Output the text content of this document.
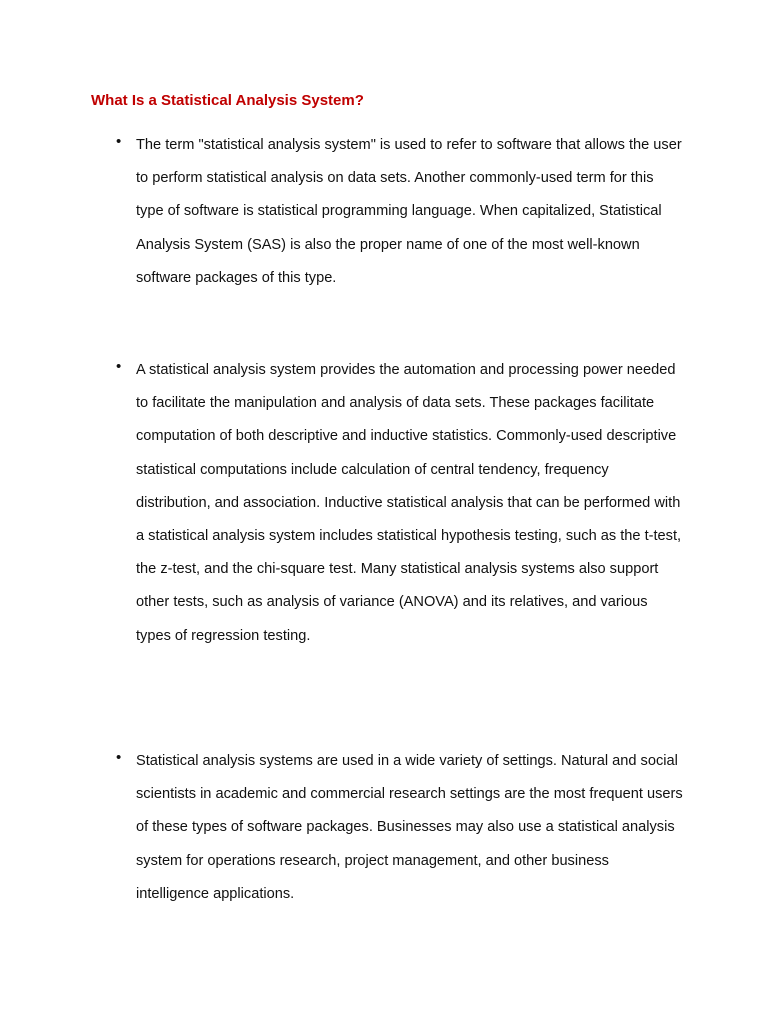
What Is a Statistical Analysis System?
• The term "statistical analysis system" is used to refer to software that allows the user to perform statistical analysis on data sets. Another commonly-used term for this type of software is statistical programming language. When capitalized, Statistical Analysis System (SAS) is also the proper name of one of the most well-known software packages of this type.
• A statistical analysis system provides the automation and processing power needed to facilitate the manipulation and analysis of data sets. These packages facilitate computation of both descriptive and inductive statistics. Commonly-used descriptive statistical computations include calculation of central tendency, frequency distribution, and association. Inductive statistical analysis that can be performed with a statistical analysis system includes statistical hypothesis testing, such as the t-test, the z-test, and the chi-square test. Many statistical analysis systems also support other tests, such as analysis of variance (ANOVA) and its relatives, and various types of regression testing.
• Statistical analysis systems are used in a wide variety of settings. Natural and social scientists in academic and commercial research settings are the most frequent users of these types of software packages. Businesses may also use a statistical analysis system for operations research, project management, and other business intelligence applications.
